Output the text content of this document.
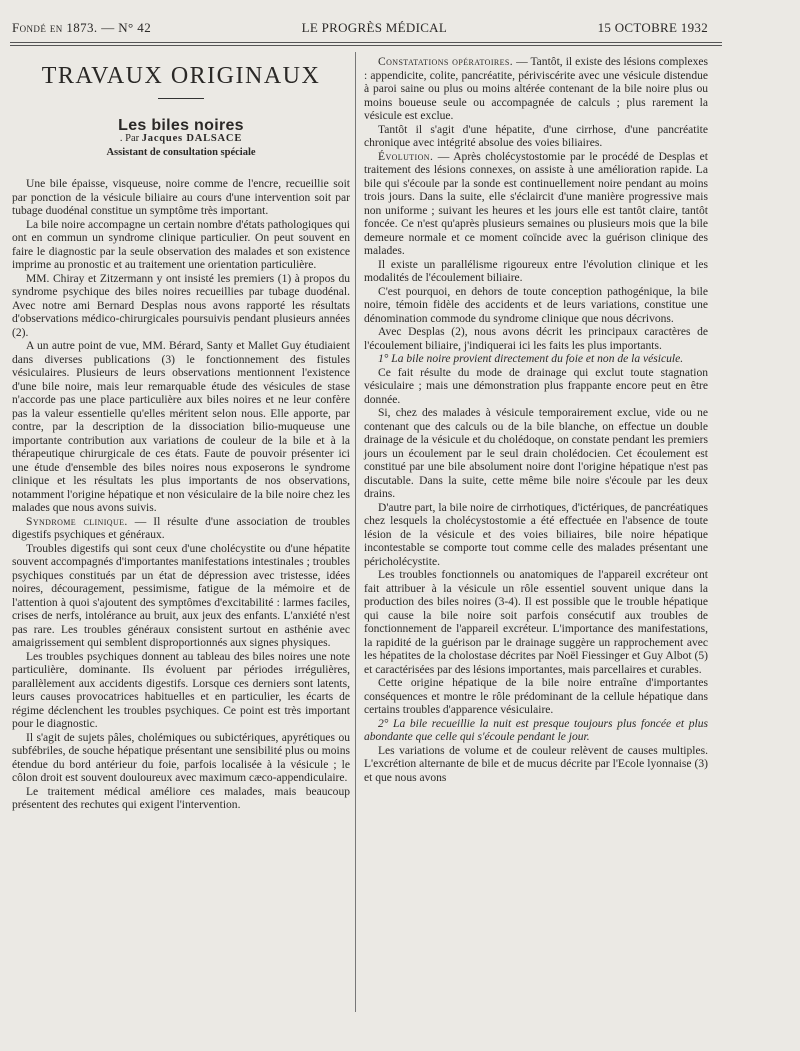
Fondé en 1873. — N° 42	LE PROGRÈS MÉDICAL	15 OCTOBRE 1932
TRAVAUX ORIGINAUX
Les biles noires

. Par Jacques DALSACE

Assistant de consultation spéciale

Une bile épaisse, visqueuse, noire comme de l'encre, recueillie soit par ponction de la vésicule biliaire au cours d'une intervention soit par tubage duodénal constitue un symptôme très important.

La bile noire accompagne un certain nombre d'états pathologiques qui ont en commun un syndrome clinique particulier. On peut souvent en faire le diagnostic par la seule observation des malades et son existence imprime au pronostic et au traitement une orientation particulière.

MM. Chiray et Zitzermann y ont insisté les premiers (1) à propos du syndrome psychique des biles noires recueillies par tubage duodénal. Avec notre ami Bernard Desplas nous avons rapporté les résultats d'observations médico-chirurgicales poursuivis pendant plusieurs années (2).

A un autre point de vue, MM. Bérard, Santy et Mallet Guy étudiaient dans diverses publications (3) le fonctionnement des fistules vésiculaires. Plusieurs de leurs observations mentionnent l'existence d'une bile noire, mais leur remarquable étude des vésicules de stase n'accorde pas une place particulière aux biles noires et ne leur confère pas la valeur essentielle qu'elles méritent selon nous. Elle apporte, par contre, par la description de la dissociation bilio-muqueuse une importante contribution aux variations de couleur de la bile et à la thérapeutique chirurgicale de ces états. Faute de pouvoir présenter ici une étude d'ensemble des biles noires nous exposerons le syndrome clinique et les résultats les plus importants de nos observations, notamment l'origine hépatique et non vésiculaire de la bile noire chez les malades que nous avons suivis.

Syndrome clinique. — Il résulte d'une association de troubles digestifs psychiques et généraux.

Troubles digestifs qui sont ceux d'une cholécystite ou d'une hépatite souvent accompagnés d'importantes manifestations intestinales ; troubles psychiques constitués par un état de dépression avec tristesse, idées noires, découragement, pessimisme, fatigue de la mémoire et de l'attention à quoi s'ajoutent des symptômes d'excitabilité : larmes faciles, crises de nerfs, intolérance au bruit, aux jeux des enfants. L'anxiété n'est pas rare. Les troubles généraux consistent surtout en asthénie avec amaigrissement qui semblent disproportionnés aux signes physiques.

Les troubles psychiques donnent au tableau des biles noires une note particulière, dominante. Ils évoluent par périodes irrégulières, parallèlement aux accidents digestifs. Lorsque ces derniers sont latents, leurs causes provocatrices habituelles et en particulier, les écarts de régime déclenchent les troubles psychiques. Ce point est très important pour le diagnostic.

Il s'agit de sujets pâles, cholémiques ou subictériques, apyrétiques ou subfébriles, de souche hépatique présentant une sensibilité plus ou moins étendue du bord antérieur du foie, parfois localisée à la vésicule ; le côlon droit est souvent douloureux avec maximum cæco-appendiculaire.

Le traitement médical améliore ces malades, mais beaucoup présentent des rechutes qui exigent l'intervention.

Constatations opératoires. — Tantôt, il existe des lésions complexes : appendicite, colite, pancréatite, périviscérite avec une vésicule distendue à paroi saine ou plus ou moins altérée contenant de la bile noire plus ou moins boueuse seule ou accompagnée de calculs ; plus rarement la vésicule est exclue.

Tantôt il s'agit d'une hépatite, d'une cirrhose, d'une pancréatite chronique avec intégrité absolue des voies biliaires.

Évolution. — Après cholécystostomie par le procédé de Desplas et traitement des lésions connexes, on assiste à une amélioration rapide. La bile qui s'écoule par la sonde est continuellement noire pendant au moins trois jours. Dans la suite, elle s'éclaircit d'une manière progressive mais non uniforme ; suivant les heures et les jours elle est tantôt claire, tantôt foncée. Ce n'est qu'après plusieurs semaines ou plusieurs mois que la bile demeure normale et ce moment coïncide avec la guérison clinique des malades.

Il existe un parallélisme rigoureux entre l'évolution clinique et les modalités de l'écoulement biliaire.

C'est pourquoi, en dehors de toute conception pathogénique, la bile noire, témoin fidèle des accidents et de leurs variations, constitue une dénomination commode du syndrome clinique que nous décrivons.

Avec Desplas (2), nous avons décrit les principaux caractères de l'écoulement biliaire, j'indiquerai ici les faits les plus importants.

1° La bile noire provient directement du foie et non de la vésicule.

Ce fait résulte du mode de drainage qui exclut toute stagnation vésiculaire ; mais une démonstration plus frappante encore peut en être donnée.

Si, chez des malades à vésicule temporairement exclue, vide ou ne contenant que des calculs ou de la bile blanche, on effectue un double drainage de la vésicule et du cholédoque, on constate pendant les premiers jours un écoulement par le seul drain cholédocien. Cet écoulement est constitué par une bile absolument noire dont l'origine hépatique n'est pas discutable. Dans la suite, cette même bile noire s'écoule par les deux drains.

D'autre part, la bile noire de cirrhotiques, d'ictériques, de pancréatiques chez lesquels la cholécystostomie a été effectuée en l'absence de toute lésion de la vésicule et des voies biliaires, bile noire hépatique incontestable se comporte tout comme celle des malades présentant une péricholécystite.

Les troubles fonctionnels ou anatomiques de l'appareil excréteur ont fait attribuer à la vésicule un rôle essentiel souvent unique dans la production des biles noires (3-4). Il est possible que le trouble hépatique qui cause la bile noire soit parfois consécutif aux troubles de fonctionnement de l'appareil excréteur. L'importance des manifestations, la rapidité de la guérison par le drainage suggère un rapprochement avec les hépatites de la cholostase décrites par Noël Fiessinger et Guy Albot (5) et caractérisées par des lésions importantes, mais parcellaires et curables.

Cette origine hépatique de la bile noire entraîne d'importantes conséquences et montre le rôle prédominant de la cellule hépatique dans certains troubles d'apparence vésiculaire.

2° La bile recueillie la nuit est presque toujours plus foncée et plus abondante que celle qui s'écoule pendant le jour.

Les variations de volume et de couleur relèvent de causes multiples. L'excrétion alternante de bile et de mucus décrite par l'Ecole lyonnaise (3) et que nous avons
